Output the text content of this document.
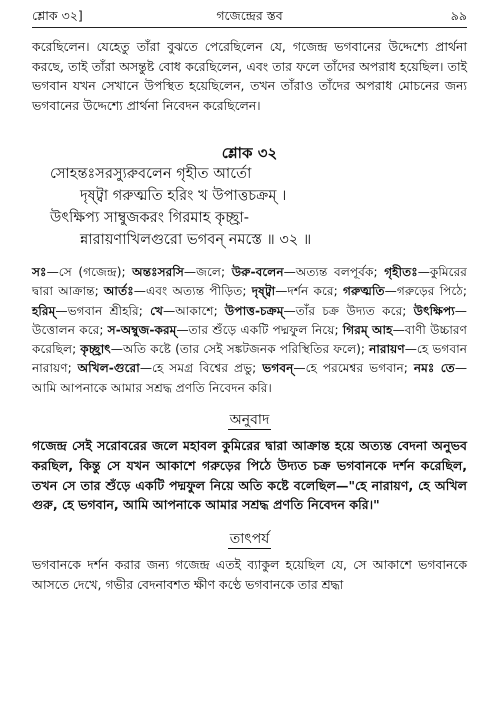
শ্লোক ৩২]	গজেন্দ্রের স্তব	৯৯

করেছিলেন। যেহেতু তাঁরা বুঝতে পেরেছিলেন যে, গজেন্দ্র ভগবানের উদ্দেশ্যে প্রার্থনা করছে, তাই তাঁরা অসন্তুষ্ট বোধ করেছিলেন, এবং তার ফলে তাঁদের অপরাধ হয়েছিল। তাই ভগবান যখন সেখানে উপস্থিত হয়েছিলেন, তখন তাঁরাও তাঁদের অপরাধ মোচনের জন্য ভগবানের উদ্দেশ্যে প্রার্থনা নিবেদন করেছিলেন।

শ্লোক ৩২

সোহন্তঃসরস্যুরুবলেন গৃহীত আর্তো

দৃষ্ট্বা গরুত্মতি হরিং খ উপাত্তচক্রম্ ।

উৎক্ষিপ্য সাম্বুজকরং গিরমাহ কৃচ্ছ্রা-

ন্নারায়ণাখিলগুরো ভগবন্ নমস্তে ॥ ৩২ ॥

সঃ—সে (গজেন্দ্র); অন্তঃসরসি—জলে; উরু-বলেন—অত্যন্ত বলপূর্বক; গৃহীতঃ—কুমিরের দ্বারা আক্রান্ত; আর্তঃ—এবং অত্যন্ত পীড়িত; দৃষ্ট্বা—দর্শন করে; গরুত্মতি—গরুড়ের পিঠে; হরিম্—ভগবান শ্রীহরি; খে—আকাশে; উপাত্ত-চক্রম্—তাঁর চক্র উদ্যত করে; উৎক্ষিপ্য—উত্তোলন করে; স-অম্বুজ-করম্—তার শুঁড়ে একটি পদ্মফুল নিয়ে; গিরম্ আহ—বাণী উচ্চারণ করেছিল; কৃচ্ছ্রাৎ—অতি কষ্টে (তার সেই সঙ্কটজনক পরিস্থিতির ফলে); নারায়ণ—হে ভগবান নারায়ণ; অখিল-গুরো—হে সমগ্র বিশ্বের প্রভু; ভগবন্—হে পরমেশ্বর ভগবান; নমঃ তে—আমি আপনাকে আমার সশ্রদ্ধ প্রণতি নিবেদন করি।

অনুবাদ

গজেন্দ্র সেই সরোবরের জলে মহাবল কুমিরের দ্বারা আক্রান্ত হয়ে অত্যন্ত বেদনা অনুভব করছিল, কিন্তু সে যখন আকাশে গরুড়ের পিঠে উদ্যত চক্র ভগবানকে দর্শন করেছিল, তখন সে তার শুঁড়ে একটি পদ্মফুল নিয়ে অতি কষ্টে বলেছিল—"হে নারায়ণ, হে অখিল গুরু, হে ভগবান, আমি আপনাকে আমার সশ্রদ্ধ প্রণতি নিবেদন করি।"

তাৎপর্য

ভগবানকে দর্শন করার জন্য গজেন্দ্র এতই ব্যাকুল হয়েছিল যে, সে আকাশে ভগবানকে আসতে দেখে, গভীর বেদনাবশত ক্ষীণ কণ্ঠে ভগবানকে তার শ্রদ্ধা
